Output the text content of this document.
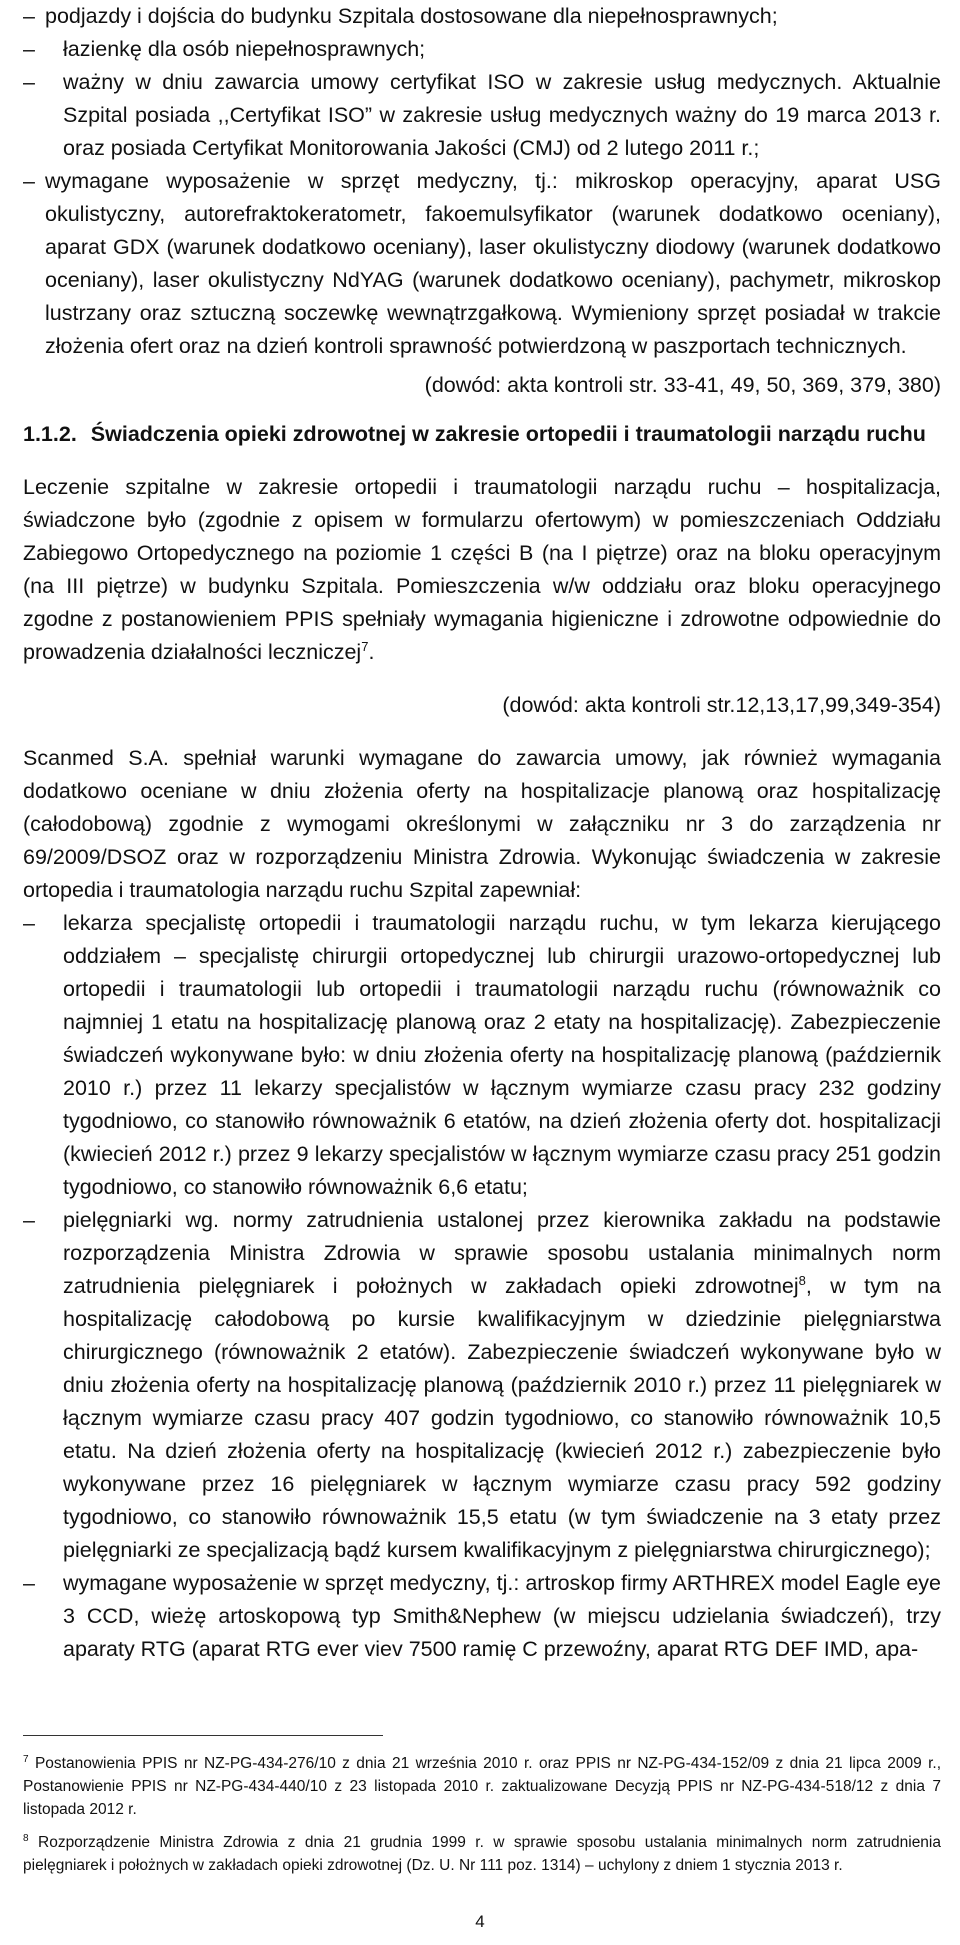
– podjazdy i dojścia do budynku Szpitala dostosowane dla niepełnosprawnych;

– łazienkę dla osób niepełnosprawnych;

– ważny w dniu zawarcia umowy certyfikat ISO w zakresie usług medycznych. Aktualnie Szpital posiada ,,Certyfikat ISO” w zakresie usług medycznych ważny do 19 marca 2013 r. oraz posiada Certyfikat Monitorowania Jakości (CMJ) od 2 lutego 2011 r.;

– wymagane wyposażenie w sprzęt medyczny, tj.: mikroskop operacyjny, aparat USG okulistyczny, autorefraktokeratometr, fakoemulsyfikator (warunek dodatkowo oceniany), aparat GDX (warunek dodatkowo oceniany), laser okulistyczny diodowy (warunek dodatkowo oceniany), laser okulistyczny NdYAG (warunek dodatkowo oceniany), pachymetr, mikroskop lustrzany oraz sztuczną soczewkę wewnątrzgałkową. Wymieniony sprzęt posiadał w trakcie złożenia ofert oraz na dzień kontroli sprawność potwierdzoną w paszportach technicznych.

(dowód: akta kontroli str. 33-41, 49, 50, 369, 379, 380)

1.1.2. Świadczenia opieki zdrowotnej w zakresie ortopedii i traumatologii narządu ruchu

Leczenie szpitalne w zakresie ortopedii i traumatologii narządu ruchu – hospitalizacja, świadczone było (zgodnie z opisem w formularzu ofertowym) w pomieszczeniach Oddziału Zabiegowo Ortopedycznego na poziomie 1 części B (na I piętrze) oraz na bloku operacyjnym (na III piętrze) w budynku Szpitala. Pomieszczenia w/w oddziału oraz bloku operacyjnego zgodne z postanowieniem PPIS spełniały wymagania higieniczne i zdrowotne odpowiednie do prowadzenia działalności leczniczej$^7$.

(dowód: akta kontroli str.12,13,17,99,349-354)

Scanmed S.A. spełniał warunki wymagane do zawarcia umowy, jak również wymagania dodatkowo oceniane w dniu złożenia oferty na hospitalizacje planową oraz hospitalizację (całodobową) zgodnie z wymogami określonymi w załączniku nr 3 do zarządzenia nr 69/2009/DSOZ oraz w rozporządzeniu Ministra Zdrowia. Wykonując świadczenia w zakresie ortopedia i traumatologia narządu ruchu Szpital zapewniał:

– lekarza specjalistę ortopedii i traumatologii narządu ruchu, w tym lekarza kierującego oddziałem – specjalistę chirurgii ortopedycznej lub chirurgii urazowo-ortopedycznej lub ortopedii i traumatologii lub ortopedii i traumatologii narządu ruchu (równoważnik co najmniej 1 etatu na hospitalizację planową oraz 2 etaty na hospitalizację). Zabezpieczenie świadczeń wykonywane było: w dniu złożenia oferty na hospitalizację planową (październik 2010 r.) przez 11 lekarzy specjalistów w łącznym wymiarze czasu pracy 232 godziny tygodniowo, co stanowiło równoważnik 6 etatów, na dzień złożenia oferty dot. hospitalizacji (kwiecień 2012 r.) przez 9 lekarzy specjalistów w łącznym wymiarze czasu pracy 251 godzin tygodniowo, co stanowiło równoważnik 6,6 etatu;

– pielęgniarki wg. normy zatrudnienia ustalonej przez kierownika zakładu na podstawie rozporządzenia Ministra Zdrowia w sprawie sposobu ustalania minimalnych norm zatrudnienia pielęgniarek i położnych w zakładach opieki zdrowotnej$^8$, w tym na hospitalizację całodobową po kursie kwalifikacyjnym w dziedzinie pielęgniarstwa chirurgicznego (równoważnik 2 etatów). Zabezpieczenie świadczeń wykonywane było w dniu złożenia oferty na hospitalizację planową (październik 2010 r.) przez 11 pielęgniarek w łącznym wymiarze czasu pracy 407 godzin tygodniowo, co stanowiło równoważnik 10,5 etatu. Na dzień złożenia oferty na hospitalizację (kwiecień 2012 r.) zabezpieczenie było wykonywane przez 16 pielęgniarek w łącznym wymiarze czasu pracy 592 godziny tygodniowo, co stanowiło równoważnik 15,5 etatu (w tym świadczenie na 3 etaty przez pielęgniarki ze specjalizacją bądź kursem kwalifikacyjnym z pielęgniarstwa chirurgicznego);

– wymagane wyposażenie w sprzęt medyczny, tj.: artroskop firmy ARTHREX model Eagle eye 3 CCD, wieżę artoskopową typ Smith&Nephew (w miejscu udzielania świadczeń), trzy aparaty RTG (aparat RTG ever viev 7500 ramię C przewoźny, aparat RTG DEF IMD, apa-

$^7$ Postanowienia PPIS nr NZ-PG-434-276/10 z dnia 21 września 2010 r. oraz PPIS nr NZ-PG-434-152/09 z dnia 21 lipca 2009 r., Postanowienie PPIS nr NZ-PG-434-440/10 z 23 listopada 2010 r. zaktualizowane Decyzją PPIS nr NZ-PG-434-518/12 z dnia 7 listopada 2012 r.

$^8$ Rozporządzenie Ministra Zdrowia z dnia 21 grudnia 1999 r. w sprawie sposobu ustalania minimalnych norm zatrudnienia pielęgniarek i położnych w zakładach opieki zdrowotnej (Dz. U. Nr 111 poz. 1314) – uchylony z dniem 1 stycznia 2013 r.

4
